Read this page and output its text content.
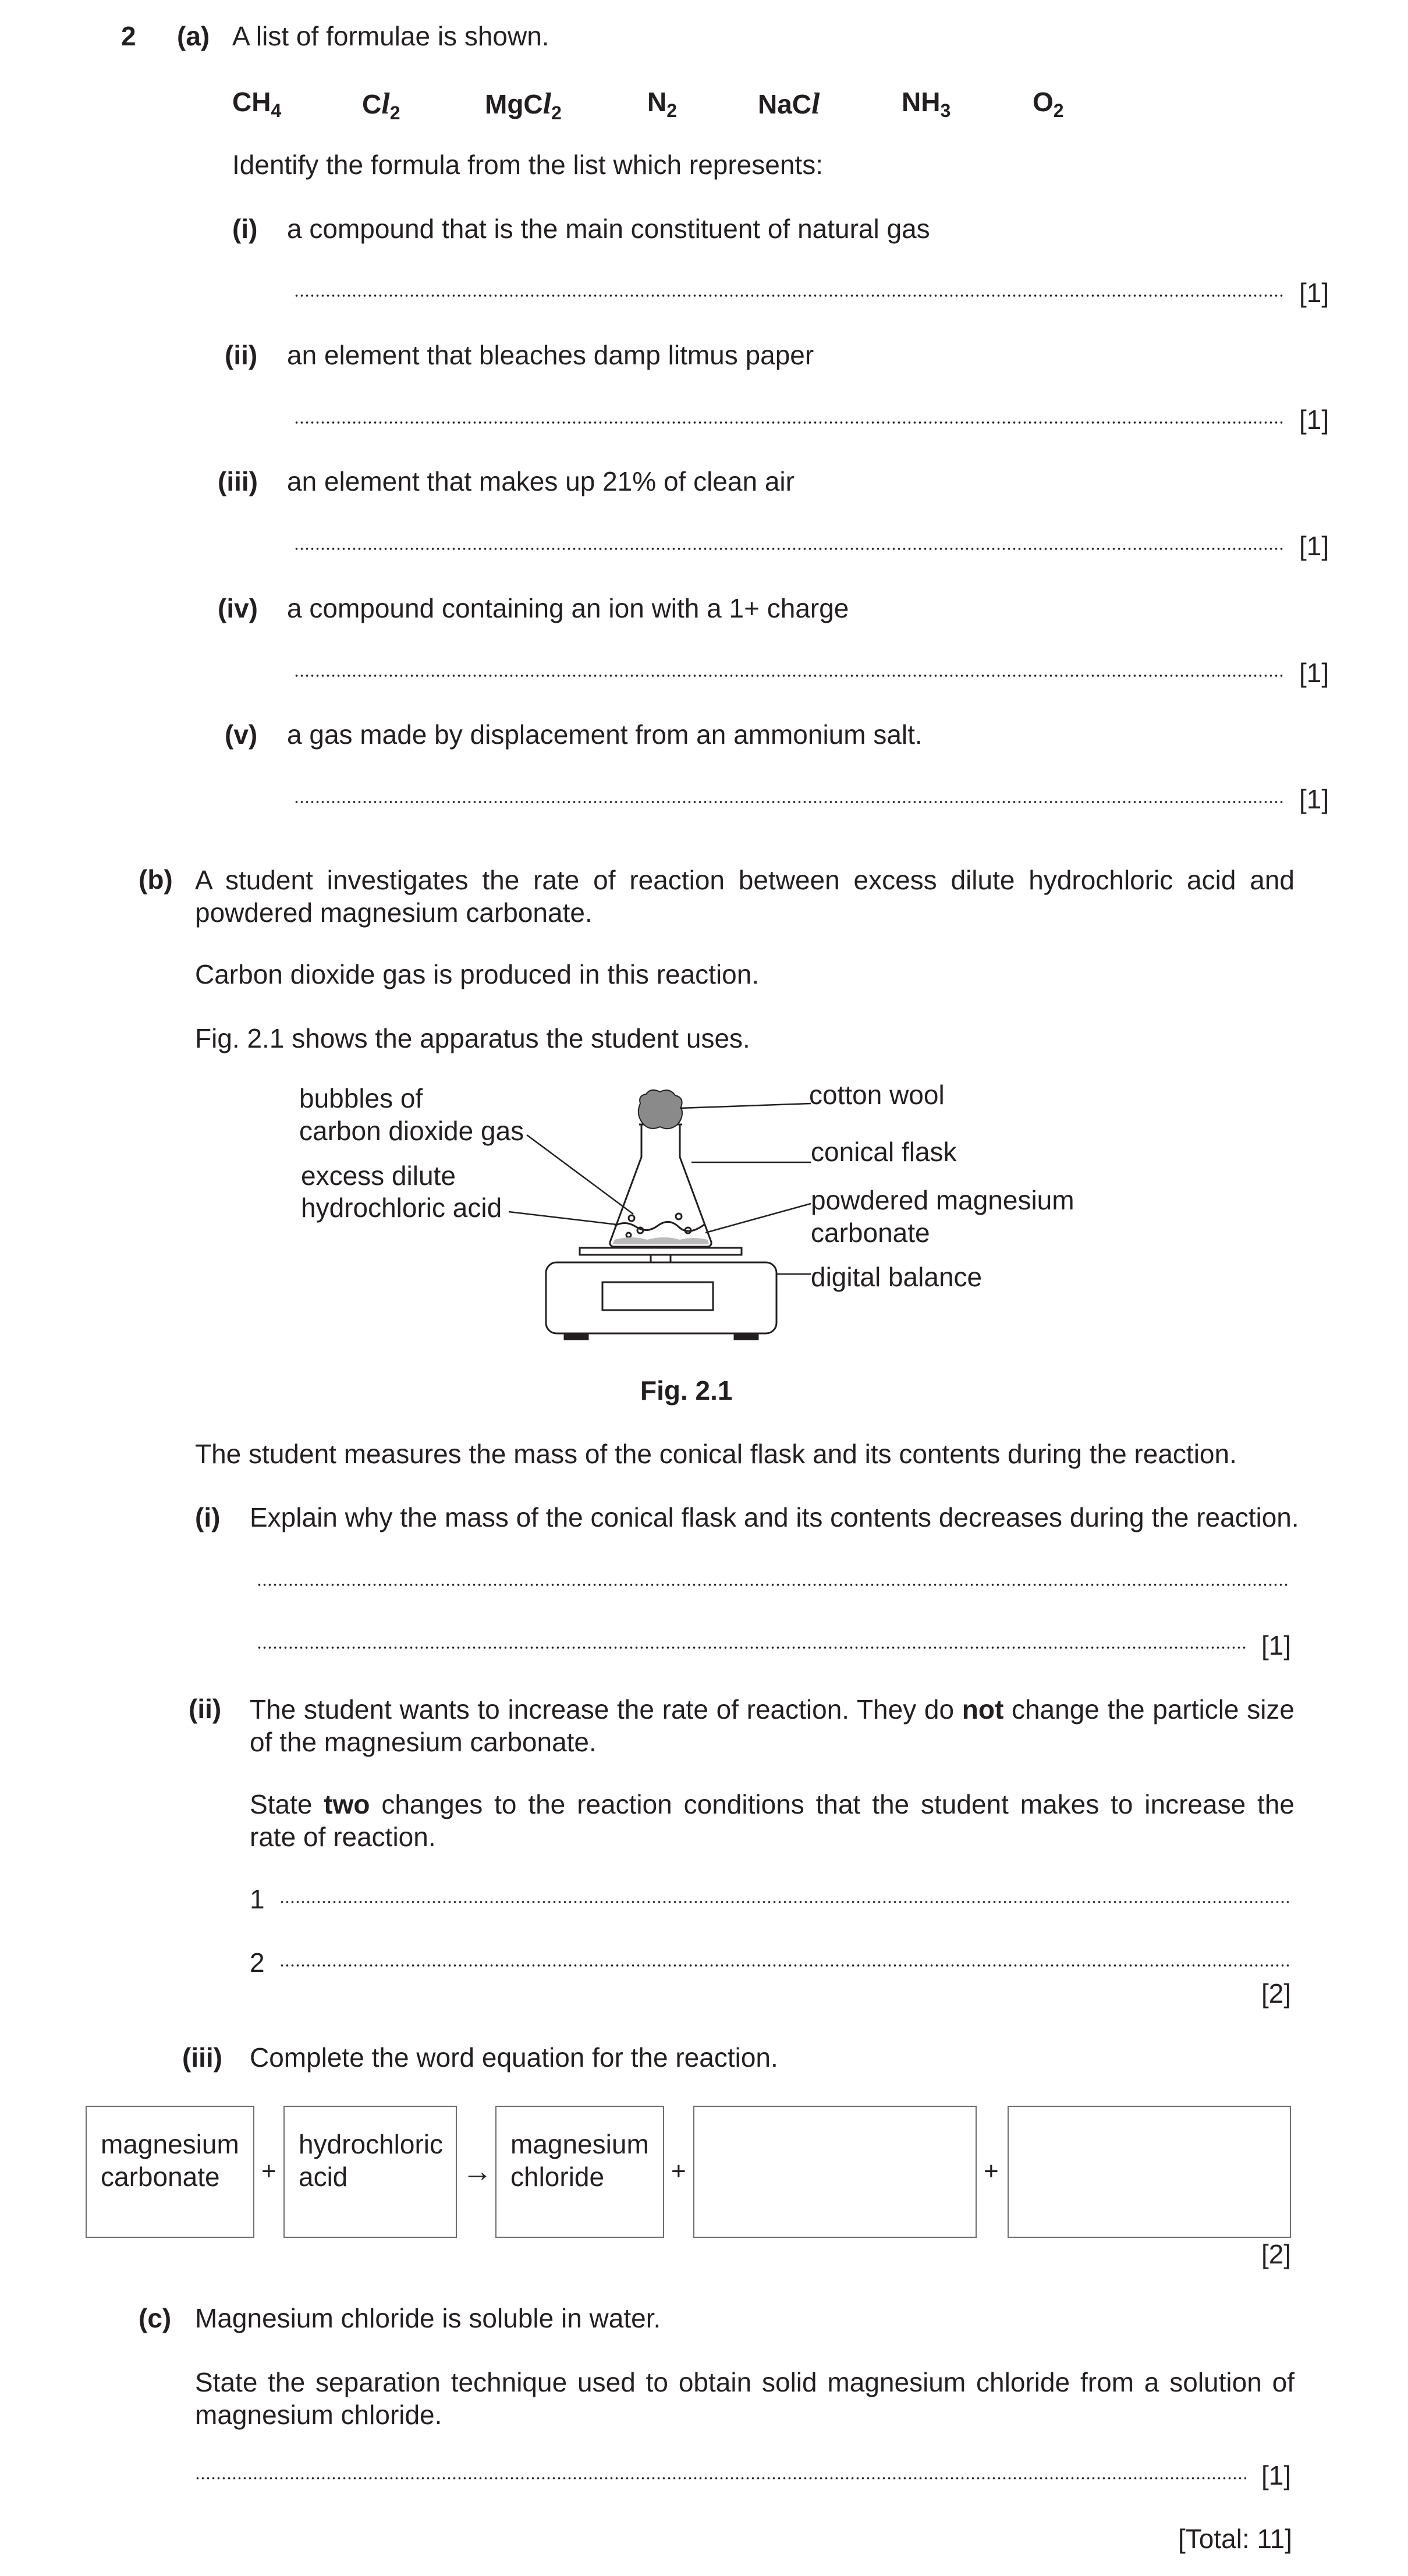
2 (a) A list of formulae is shown.
$CH_4$	$Cl_2$	MgCl$_2$	$N_2$	NaCl	$NH_3$	$O_2$
Identify the formula from the list which represents:
(i) a compound that is the main constituent of natural gas
[1]
(ii) an element that bleaches damp litmus paper
[1]
(iii) an element that makes up 21% of clean air
[1]
(iv) a compound containing an ion with a 1+ charge
[1]
(v) a gas made by displacement from an ammonium salt.
[1]
(b) A student investigates the rate of reaction between excess dilute hydrochloric acid and powdered magnesium carbonate.
Carbon dioxide gas is produced in this reaction.
Fig. 2.1 shows the apparatus the student uses.
bubbles of
carbon dioxide gas
excess dilute
hydrochloric acid
cotton wool
conical flask
powdered magnesium
carbonate
digital balance
Fig. 2.1
The student measures the mass of the conical flask and its contents during the reaction.
(i) Explain why the mass of the conical flask and its contents decreases during the reaction.
[1]
(ii) The student wants to increase the rate of reaction. They do not change the particle size of the magnesium carbonate.
State two changes to the reaction conditions that the student makes to increase the rate of reaction.
1
2
[2]
(iii) Complete the word equation for the reaction.
magnesium carbonate	+
hydrochloric acid	→
magnesium chloride	+	+
[2]
(c) Magnesium chloride is soluble in water.
State the separation technique used to obtain solid magnesium chloride from a solution of magnesium chloride.
[1]
[Total: 11]
